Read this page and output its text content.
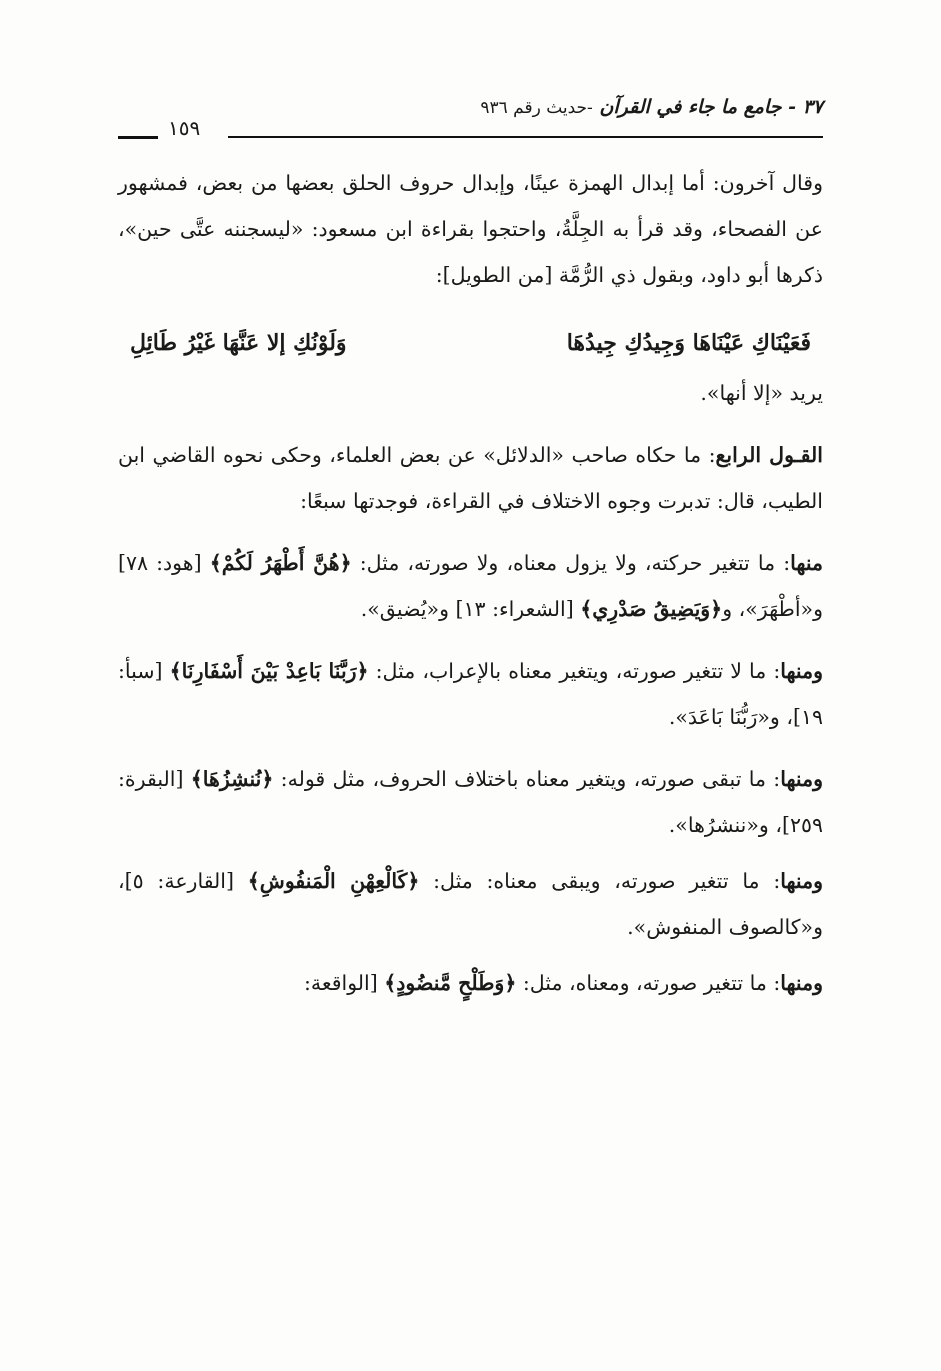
٣٧ - جامع ما جاء في القرآن -حديث رقم ٩٣٦
١٥٩

وقال آخرون: أما إبدال الهمزة عينًا، وإبدال حروف الحلق بعضها من بعض، فمشهور عن الفصحاء، وقد قرأ به الجِلَّةُ، واحتجوا بقراءة ابن مسعود: «ليسجننه عتَّى حين»، ذكرها أبو داود، وبقول ذي الرُّمَّة [من الطويل]:

فَعَيْنَاكِ عَيْنَاهَا وَجِيدُكِ جِيدُهَا
وَلَوْنُكِ إلا عَنَّهَا غَيْرُ طَائِلِ

يريد «إلا أنها».

القـول الرابع: ما حكاه صاحب «الدلائل» عن بعض العلماء، وحكى نحوه القاضي ابن الطيب، قال: تدبرت وجوه الاختلاف في القراءة، فوجدتها سبعًا:

منها: ما تتغير حركته، ولا يزول معناه، ولا صورته، مثل: ﴿هُنَّ أَطْهَرُ لَكُمْ﴾ [هود: ٧٨] و«أطْهَرَ»، و﴿وَيَضِيقُ صَدْرِي﴾ [الشعراء: ١٣] و«يُضيق».

ومنها: ما لا تتغير صورته، ويتغير معناه بالإعراب، مثل: ﴿رَبَّنَا بَاعِدْ بَيْنَ أَسْفَارِنَا﴾ [سبأ: ١٩]، و«رَبُّنَا بَاعَدَ».

ومنها: ما تبقى صورته، ويتغير معناه باختلاف الحروف، مثل قوله: ﴿نُنشِزُهَا﴾ [البقرة: ٢٥٩]، و«ننشرُها».

ومنها: ما تتغير صورته، ويبقى معناه: مثل: ﴿كَالْعِهْنِ الْمَنفُوشِ﴾ [القارعة: ٥]، و«كالصوف المنفوش».

ومنها: ما تتغير صورته، ومعناه، مثل: ﴿وَطَلْحٍ مَّنضُودٍ﴾ [الواقعة:
